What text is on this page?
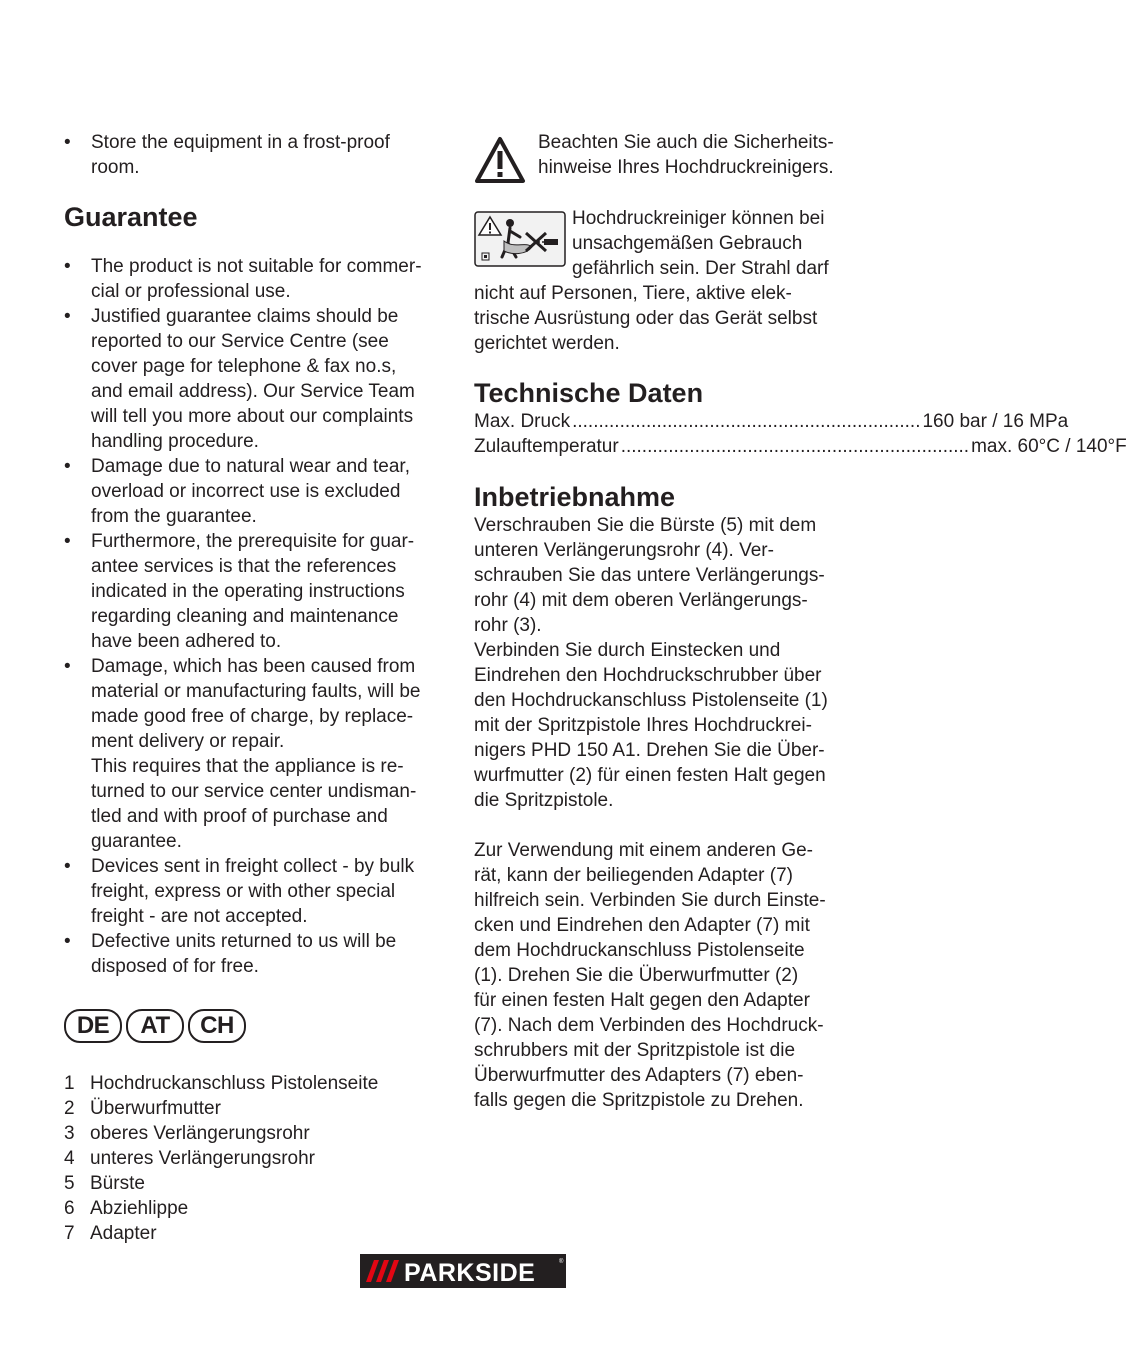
• Store the equipment in a frost-proof
room.
Guarantee
• The product is not suitable for commer-
cial or professional use.
• Justified guarantee claims should be
reported to our Service Centre (see
cover page for telephone & fax no.s,
and email address). Our Service Team
will tell you more about our complaints
handling procedure.
• Damage due to natural wear and tear,
overload or incorrect use is excluded
from the guarantee.
• Furthermore, the prerequisite for guar-
antee services is that the references
indicated in the operating instructions
regarding cleaning and maintenance
have been adhered to.
• Damage, which has been caused from
material or manufacturing faults, will be
made good free of charge, by replace-
ment delivery or repair.
This requires that the appliance is re-
turned to our service center undisman-
tled and with proof of purchase and
guarantee.
• Devices sent in freight collect - by bulk
freight, express or with other special
freight - are not accepted.
• Defective units returned to us will be
disposed of for free.
DE	AT	CH
1 Hochdruckanschluss Pistolenseite
2 Überwurfmutter
3 oberes Verlängerungsrohr
4 unteres Verlängerungsrohr
5 Bürste
6 Abziehlippe
7 Adapter

Beachten Sie auch die Sicherheits-
hinweise Ihres Hochdruckreinigers.

Hochdruckreiniger können bei
unsachgemäßen Gebrauch
gefährlich sein. Der Strahl darf

nicht auf Personen, Tiere, aktive elek-
trische Ausrüstung oder das Gerät selbst
gerichtet werden.

Technische Daten
Max. Druck .................................................................. 160 bar / 16 MPa
Zulauftemperatur .................................................................. max. 60°C / 140°F
Inbetriebnahme

Verschrauben Sie die Bürste (5) mit dem
unteren Verlängerungsrohr (4). Ver-
schrauben Sie das untere Verlängerungs-
rohr (4) mit dem oberen Verlängerungs-
rohr (3).
Verbinden Sie durch Einstecken und
Eindrehen den Hochdruckschrubber über
den Hochdruckanschluss Pistolenseite (1)
mit der Spritzpistole Ihres Hochdruckrei-
nigers PHD 150 A1. Drehen Sie die Über-
wurfmutter (2) für einen festen Halt gegen
die Spritzpistole.

Zur Verwendung mit einem anderen Ge-
rät, kann der beiliegenden Adapter (7)
hilfreich sein. Verbinden Sie durch Einste-
cken und Eindrehen den Adapter (7) mit
dem Hochdruckanschluss Pistolenseite
(1). Drehen Sie die Überwurfmutter (2)
für einen festen Halt gegen den Adapter
(7). Nach dem Verbinden des Hochdruck-
schrubbers mit der Spritzpistole ist die
Überwurfmutter des Adapters (7) eben-
falls gegen die Spritzpistole zu Drehen.

PARKSIDE	®
